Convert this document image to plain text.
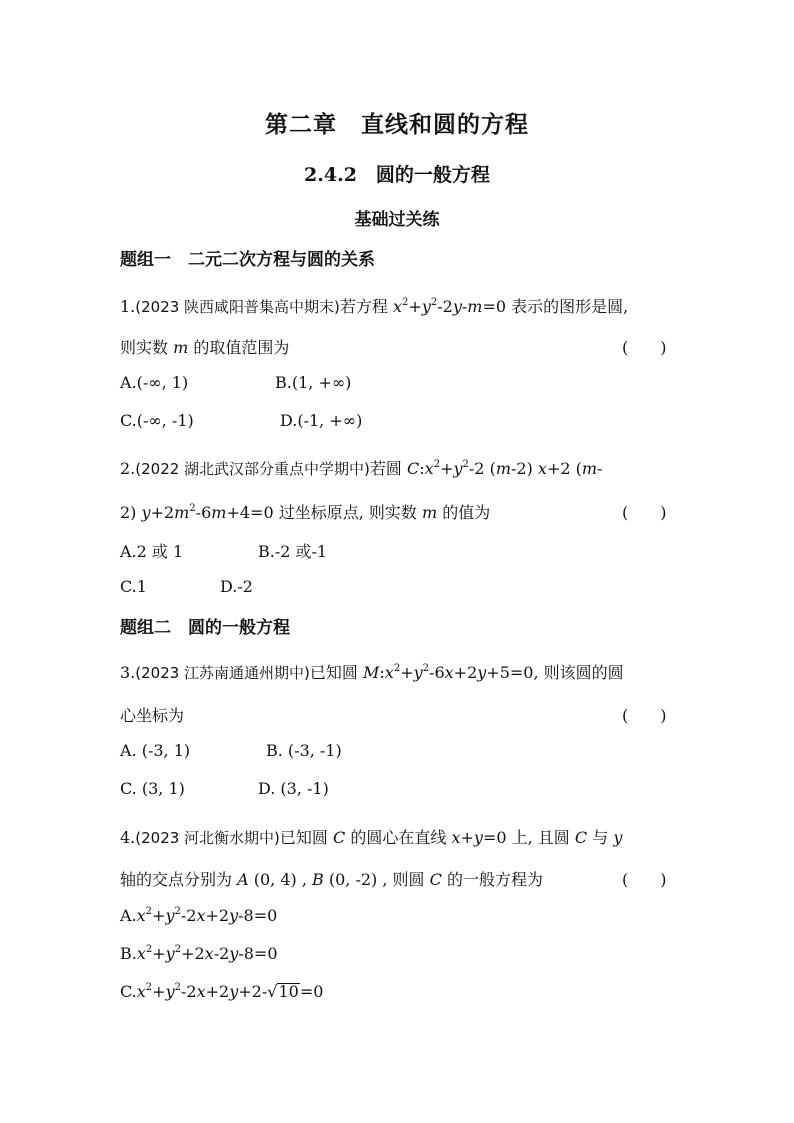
第二章　直线和圆的方程
2.4.2　圆的一般方程
基础过关练
题组一　二元二次方程与圆的关系
1.(2023 陕西咸阳普集高中期末)若方程 $x^2+y^2-2y-m=0$ 表示的图形是圆,
则实数 m 的取值范围为	(　　)
A.(-∞, 1)	B.(1, +∞)
C.(-∞, -1)	D.(-1, +∞)
2.(2022 湖北武汉部分重点中学期中)若圆 $C:x^2+y^2-2$ (m-2) x+2 (m-
2) $y+2m^2-6m+4=0$ 过坐标原点, 则实数 m 的值为	(　　)
A.2 或 1	B.-2 或-1
C.1	D.-2
题组二　圆的一般方程
3.(2023 江苏南通通州期中)已知圆 $M:x^2+y^2-6x+2y+5=0$, 则该圆的圆
心坐标为	(　　)
A. (-3, 1)	B. (-3, -1)
C. (3, 1)	D. (3, -1)
4.(2023 河北衡水期中)已知圆 C 的圆心在直线 x+y=0 上, 且圆 C 与 y
轴的交点分别为 A (0, 4) , B (0, -2) , 则圆 C 的一般方程为	(　　)
$A.x^2+y^2-2x+2y-8=0$
$B.x^2+y^2+2x-2y-8=0$
$C.x^2+y^2-2x+2y+2-√10=0$
